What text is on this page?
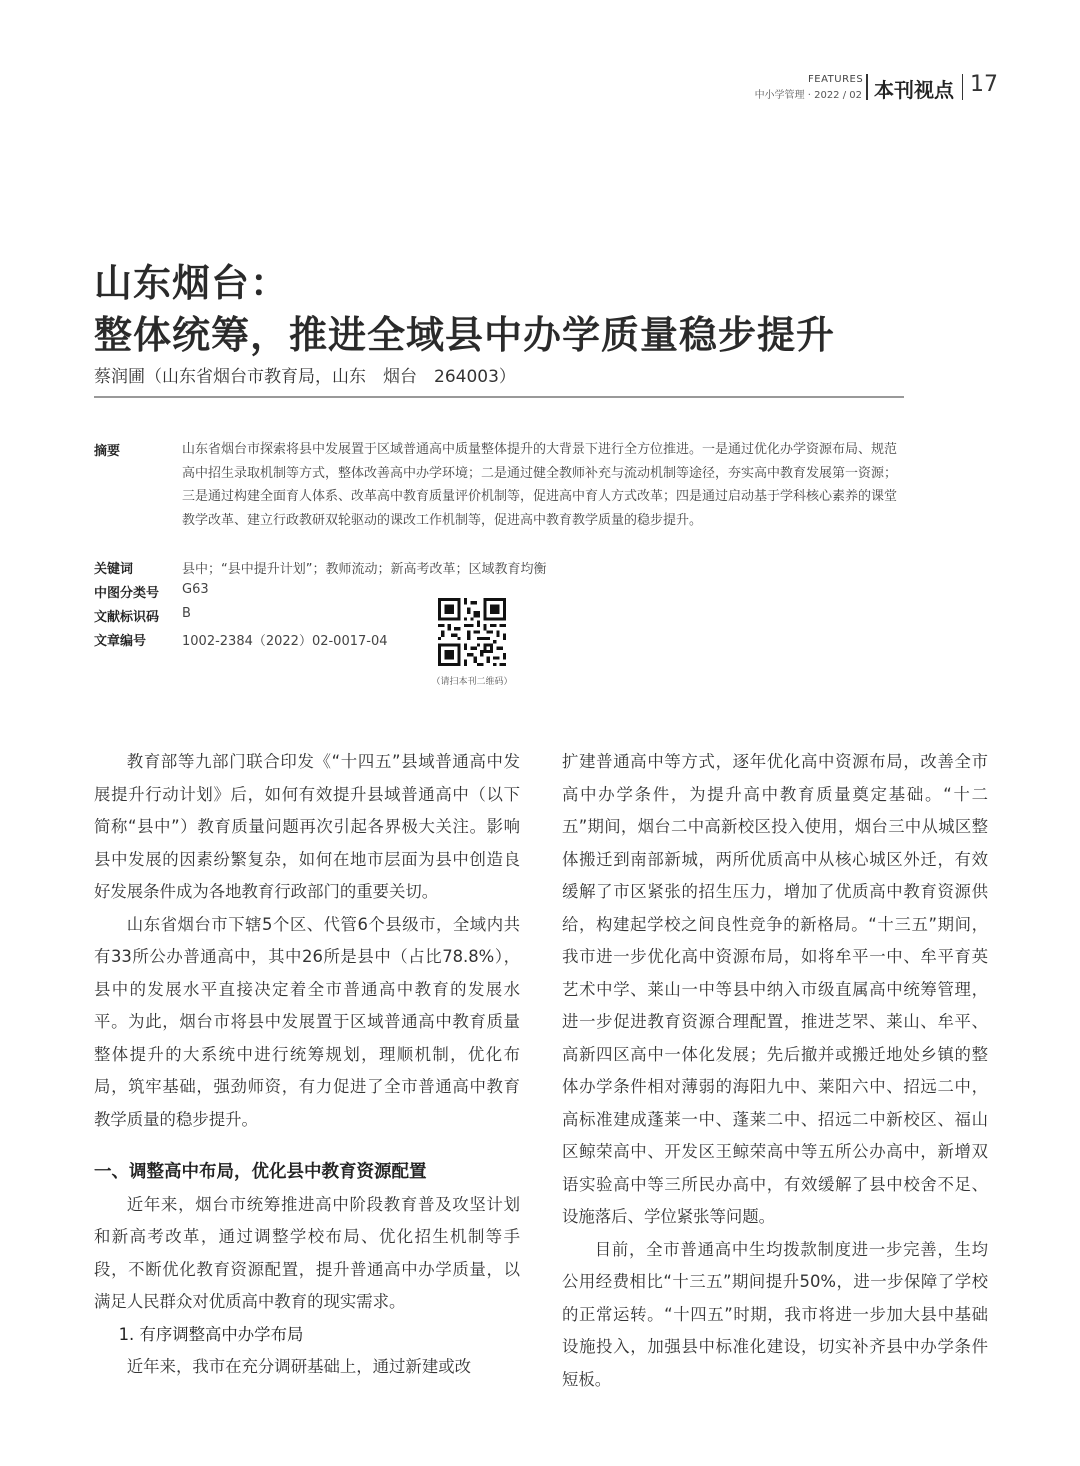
FEATURES
中小学管理 · 2022 / 02 本刊视点 17
山东烟台：
整体统筹，推进全域县中办学质量稳步提升
蔡润圃（山东省烟台市教育局，山东　烟台　264003）
摘要	山东省烟台市探索将县中发展置于区域普通高中质量整体提升的大背景下进行全方位推进。一是通过优化办学资源布局、规范高中招生录取机制等方式，整体改善高中办学环境；二是通过健全教师补充与流动机制等途径，夯实高中教育发展第一资源；三是通过构建全面育人体系、改革高中教育质量评价机制等，促进高中育人方式改革；四是通过启动基于学科核心素养的课堂教学改革、建立行政教研双轮驱动的课改工作机制等，促进高中教育教学质量的稳步提升。
关键词	县中；“县中提升计划”；教师流动；新高考改革；区域教育均衡
中图分类号 G63
文献标识码 B
文章编号	1002-2384（2022）02-0017-04
（请扫本刊二维码）

教育部等九部门联合印发《“十四五”县域普通高中发展提升行动计划》后，如何有效提升县域普通高中（以下简称“县中”）教育质量问题再次引起各界极大关注。影响县中发展的因素纷繁复杂，如何在地市层面为县中创造良好发展条件成为各地教育行政部门的重要关切。

山东省烟台市下辖5个区、代管6个县级市，全域内共有33所公办普通高中，其中26所是县中（占比78.8%），县中的发展水平直接决定着全市普通高中教育的发展水平。为此，烟台市将县中发展置于区域普通高中教育质量整体提升的大系统中进行统筹规划，理顺机制，优化布局，筑牢基础，强劲师资，有力促进了全市普通高中教育教学质量的稳步提升。

一、调整高中布局，优化县中教育资源配置

近年来，烟台市统筹推进高中阶段教育普及攻坚计划和新高考改革，通过调整学校布局、优化招生机制等手段，不断优化教育资源配置，提升普通高中办学质量，以满足人民群众对优质高中教育的现实需求。

1. 有序调整高中办学布局

近年来，我市在充分调研基础上，通过新建或改

扩建普通高中等方式，逐年优化高中资源布局，改善全市高中办学条件，为提升高中教育质量奠定基础。“十二五”期间，烟台二中高新校区投入使用，烟台三中从城区整体搬迁到南部新城，两所优质高中从核心城区外迁，有效缓解了市区紧张的招生压力，增加了优质高中教育资源供给，构建起学校之间良性竞争的新格局。“十三五”期间，我市进一步优化高中资源布局，如将牟平一中、牟平育英艺术中学、莱山一中等县中纳入市级直属高中统筹管理，进一步促进教育资源合理配置，推进芝罘、莱山、牟平、高新四区高中一体化发展；先后撤并或搬迁地处乡镇的整体办学条件相对薄弱的海阳九中、莱阳六中、招远二中，高标准建成蓬莱一中、蓬莱二中、招远二中新校区、福山区鲸荣高中、开发区王鲸荣高中等五所公办高中，新增双语实验高中等三所民办高中，有效缓解了县中校舍不足、设施落后、学位紧张等问题。

目前，全市普通高中生均拨款制度进一步完善，生均公用经费相比“十三五”期间提升50%，进一步保障了学校的正常运转。“十四五”时期，我市将进一步加大县中基础设施投入，加强县中标准化建设，切实补齐县中办学条件短板。
